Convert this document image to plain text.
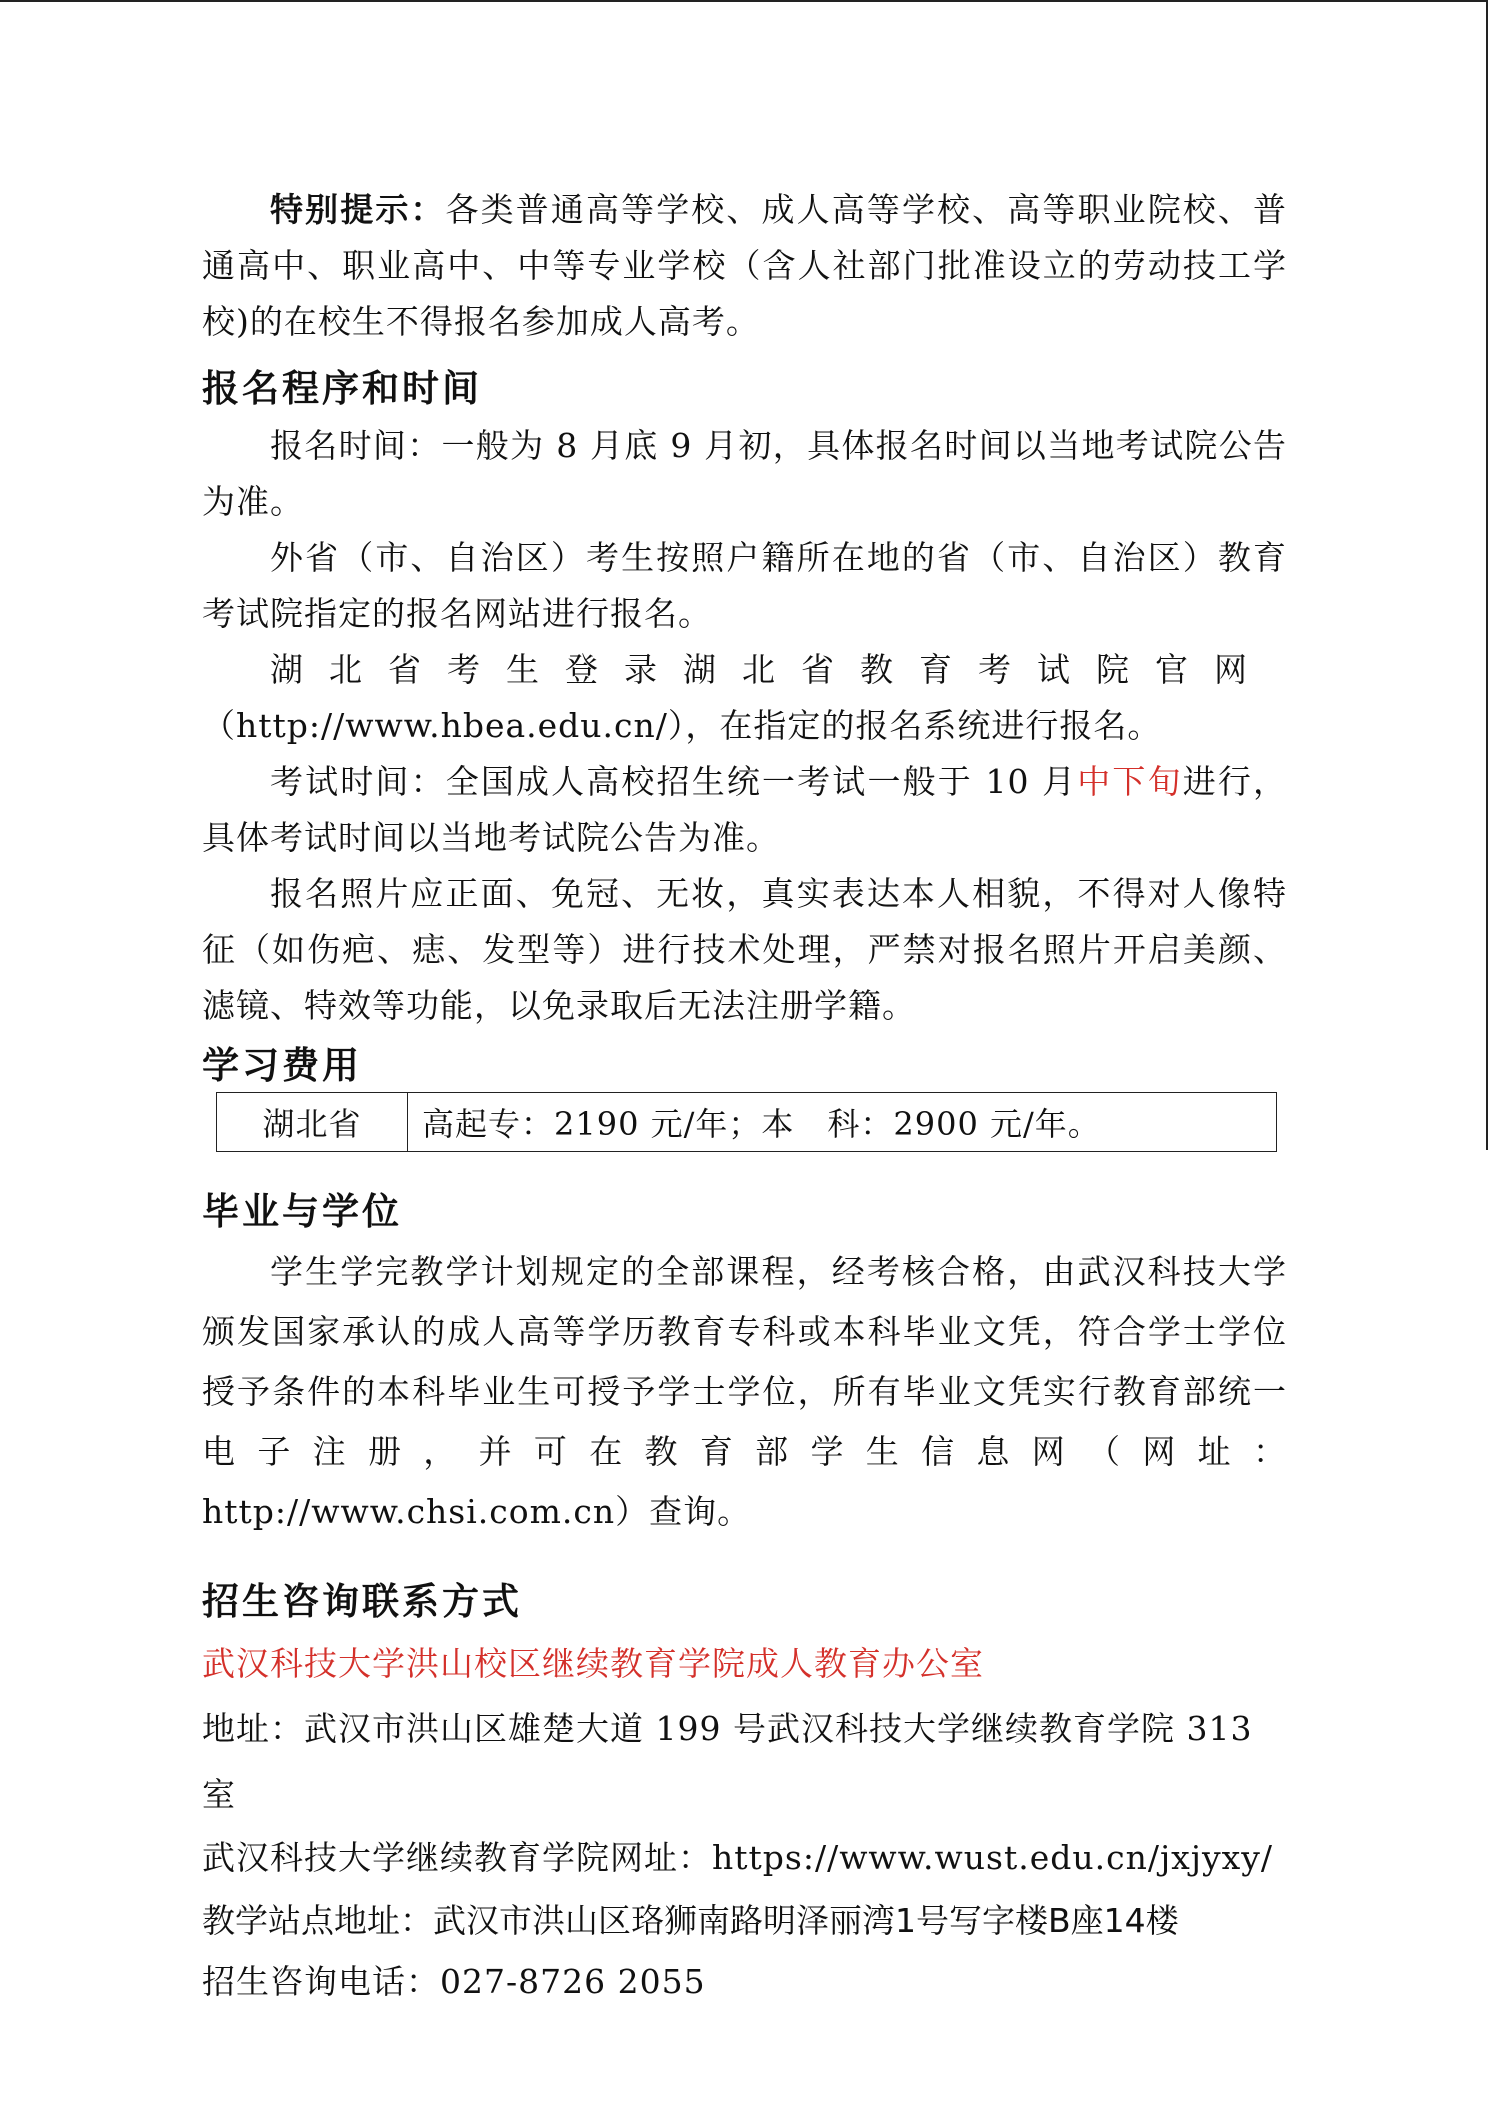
特别提示：各类普通高等学校、成人高等学校、高等职业院校、普通高中、职业高中、中等专业学校（含人社部门批准设立的劳动技工学校)的在校生不得报名参加成人高考。

报名程序和时间

报名时间：一般为 8 月底 9 月初，具体报名时间以当地考试院公告为准。

外省（市、自治区）考生按照户籍所在地的省（市、自治区）教育考试院指定的报名网站进行报名。

湖北省考生登录湖北省教育考试院官网

（http://www.hbea.edu.cn/），在指定的报名系统进行报名。

考试时间：全国成人高校招生统一考试一般于 10 月中下旬进行，具体考试时间以当地考试院公告为准。

报名照片应正面、免冠、无妆，真实表达本人相貌，不得对人像特征（如伤疤、痣、发型等）进行技术处理，严禁对报名照片开启美颜、滤镜、特效等功能，以免录取后无法注册学籍。

学习费用
湖北省	高起专：2190 元/年；本　科：2900 元/年。
毕业与学位

学生学完教学计划规定的全部课程，经考核合格，由武汉科技大学颁发国家承认的成人高等学历教育专科或本科毕业文凭，符合学士学位授予条件的本科毕业生可授予学士学位，所有毕业文凭实行教育部统一电子注册，并可在教育部学生信息网（网址：http://www.chsi.com.cn）查询。

招生咨询联系方式

武汉科技大学洪山校区继续教育学院成人教育办公室

地址：武汉市洪山区雄楚大道 199 号武汉科技大学继续教育学院 313 室

武汉科技大学继续教育学院网址：https://www.wust.edu.cn/jxjyxy/

教学站点地址：武汉市洪山区珞狮南路明泽丽湾1号写字楼B座14楼

招生咨询电话：027-8726 2055
